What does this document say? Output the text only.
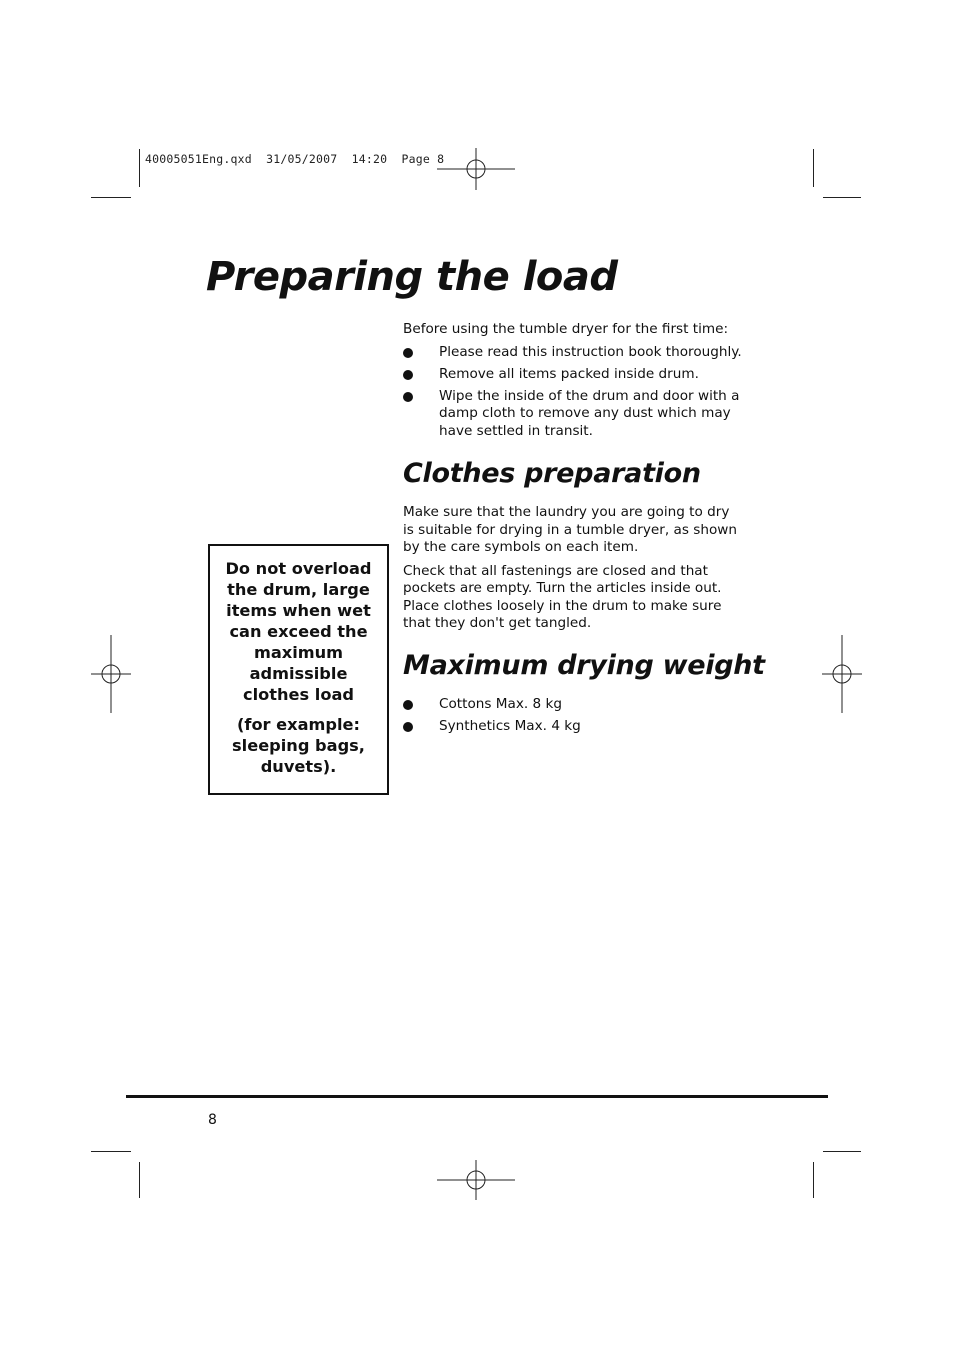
40005051Eng.qxd  31/05/2007  14:20  Page 8
Preparing the load

Before using the tumble dryer for the first time:

Please read this instruction book thoroughly.
Remove all items packed inside drum.
Wipe the inside of the drum and door with a damp cloth to remove any dust which may have settled in transit.
Clothes preparation

Make sure that the laundry you are going to dry is suitable for drying in a tumble dryer, as shown by the care symbols on each item.

Check that all fastenings are closed and that pockets are empty. Turn the articles inside out. Place clothes loosely in the drum to make sure that they don't get tangled.

Maximum drying weight
Cottons Max. 8 kg
Synthetics Max. 4 kg

Do not overload the drum, large items when wet can exceed the maximum admissible clothes load

(for example: sleeping bags, duvets).

8
